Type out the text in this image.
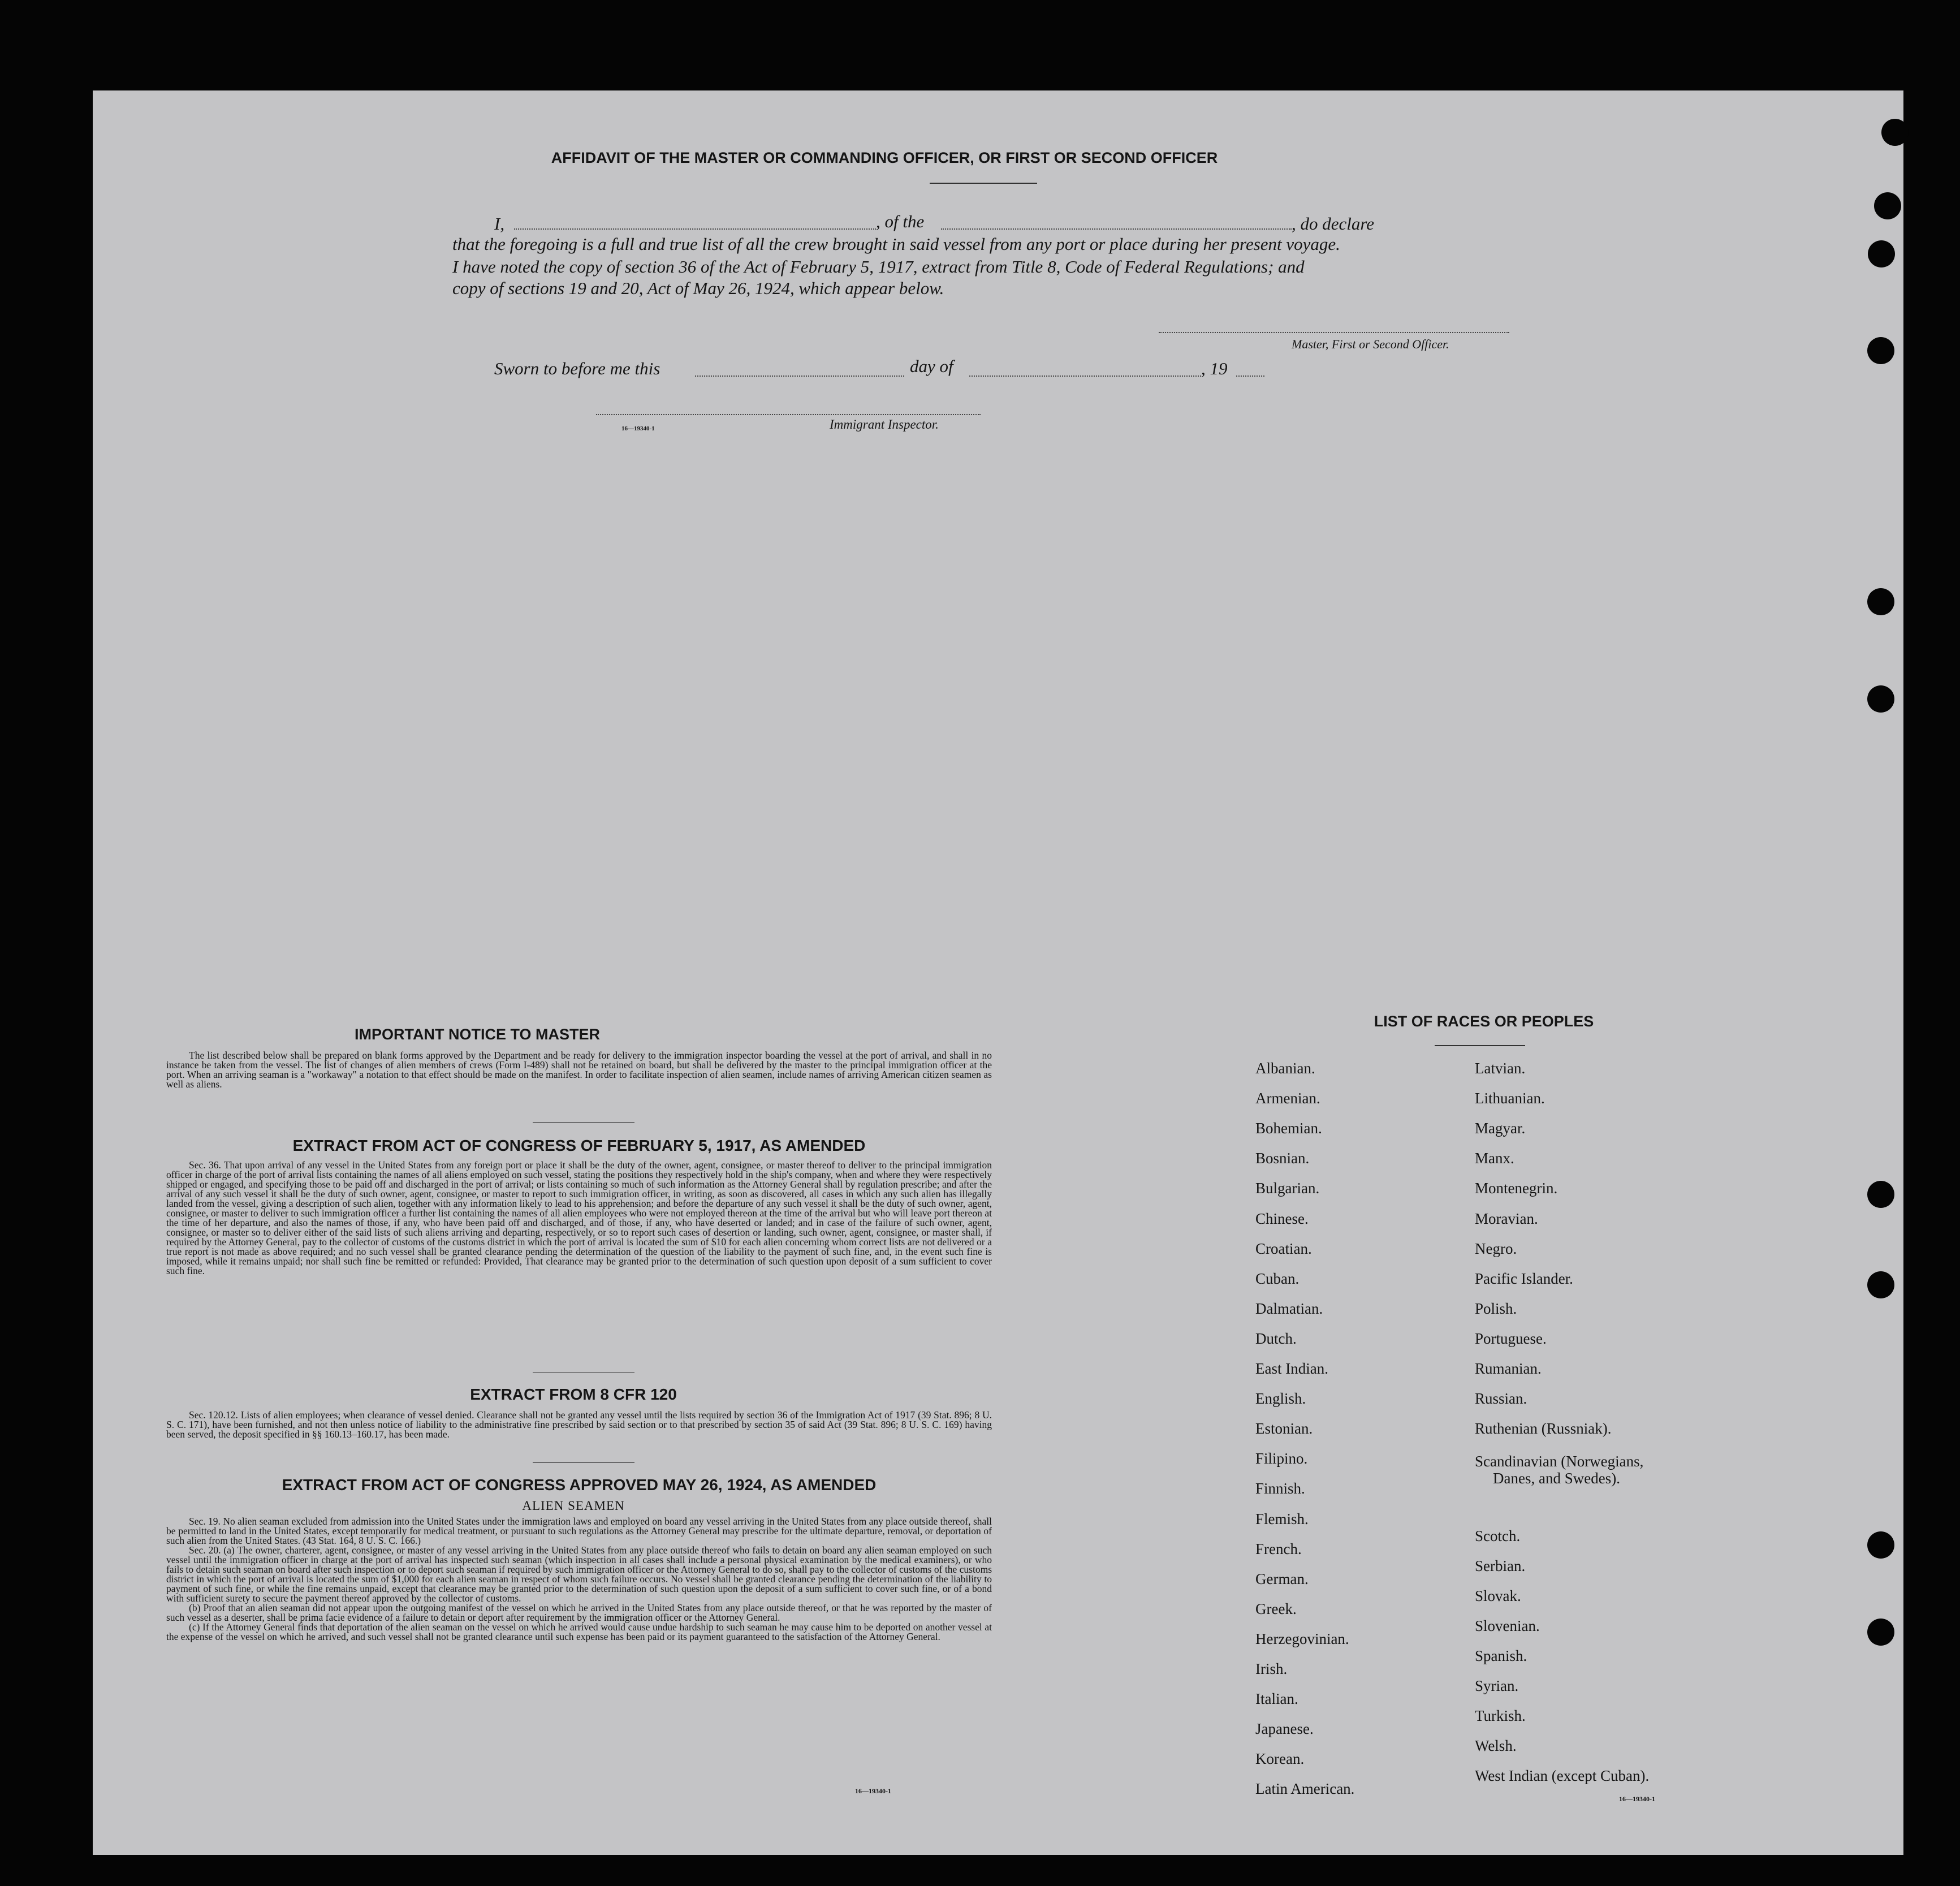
AFFIDAVIT OF THE MASTER OR COMMANDING OFFICER, OR FIRST OR SECOND OFFICER
I,	, of the	, do declare
that the foregoing is a full and true list of all the crew brought in said vessel from any port or place during her present voyage.
I have noted the copy of section 36 of the Act of February 5, 1917, extract from Title 8, Code of Federal Regulations; and
copy of sections 19 and 20, Act of May 26, 1924, which appear below.
Master, First or Second Officer.
Sworn to before me this	day of	, 19
16—19340-1	Immigrant Inspector.
IMPORTANT NOTICE TO MASTER

The list described below shall be prepared on blank forms approved by the Department and be ready for delivery to the immigration inspector boarding the vessel at the port of arrival, and shall in no instance be taken from the vessel. The list of changes of alien members of crews (Form I-489) shall not be retained on board, but shall be delivered by the master to the principal immigration officer at the port. When an arriving seaman is a "workaway" a notation to that effect should be made on the manifest. In order to facilitate inspection of alien seamen, include names of arriving American citizen seamen as well as aliens.

EXTRACT FROM ACT OF CONGRESS OF FEBRUARY 5, 1917, AS AMENDED

Sec. 36. That upon arrival of any vessel in the United States from any foreign port or place it shall be the duty of the owner, agent, consignee, or master thereof to deliver to the principal immigration officer in charge of the port of arrival lists containing the names of all aliens employed on such vessel, stating the positions they respectively hold in the ship's company, when and where they were respectively shipped or engaged, and specifying those to be paid off and discharged in the port of arrival; or lists containing so much of such information as the Attorney General shall by regulation prescribe; and after the arrival of any such vessel it shall be the duty of such owner, agent, consignee, or master to report to such immigration officer, in writing, as soon as discovered, all cases in which any such alien has illegally landed from the vessel, giving a description of such alien, together with any information likely to lead to his apprehension; and before the departure of any such vessel it shall be the duty of such owner, agent, consignee, or master to deliver to such immigration officer a further list containing the names of all alien employees who were not employed thereon at the time of the arrival but who will leave port thereon at the time of her departure, and also the names of those, if any, who have been paid off and discharged, and of those, if any, who have deserted or landed; and in case of the failure of such owner, agent, consignee, or master so to deliver either of the said lists of such aliens arriving and departing, respectively, or so to report such cases of desertion or landing, such owner, agent, consignee, or master shall, if required by the Attorney General, pay to the collector of customs of the customs district in which the port of arrival is located the sum of $10 for each alien concerning whom correct lists are not delivered or a true report is not made as above required; and no such vessel shall be granted clearance pending the determination of the question of the liability to the payment of such fine, and, in the event such fine is imposed, while it remains unpaid; nor shall such fine be remitted or refunded: Provided, That clearance may be granted prior to the determination of such question upon deposit of a sum sufficient to cover such fine.

EXTRACT FROM 8 CFR 120

Sec. 120.12. Lists of alien employees; when clearance of vessel denied. Clearance shall not be granted any vessel until the lists required by section 36 of the Immigration Act of 1917 (39 Stat. 896; 8 U. S. C. 171), have been furnished, and not then unless notice of liability to the administrative fine prescribed by said section or to that prescribed by section 35 of said Act (39 Stat. 896; 8 U. S. C. 169) having been served, the deposit specified in §§ 160.13–160.17, has been made.

EXTRACT FROM ACT OF CONGRESS APPROVED MAY 26, 1924, AS AMENDED
ALIEN SEAMEN

Sec. 19. No alien seaman excluded from admission into the United States under the immigration laws and employed on board any vessel arriving in the United States from any place outside thereof, shall be permitted to land in the United States, except temporarily for medical treatment, or pursuant to such regulations as the Attorney General may prescribe for the ultimate departure, removal, or deportation of such alien from the United States. (43 Stat. 164, 8 U. S. C. 166.)

Sec. 20. (a) The owner, charterer, agent, consignee, or master of any vessel arriving in the United States from any place outside thereof who fails to detain on board any alien seaman employed on such vessel until the immigration officer in charge at the port of arrival has inspected such seaman (which inspection in all cases shall include a personal physical examination by the medical examiners), or who fails to detain such seaman on board after such inspection or to deport such seaman if required by such immigration officer or the Attorney General to do so, shall pay to the collector of customs of the customs district in which the port of arrival is located the sum of $1,000 for each alien seaman in respect of whom such failure occurs. No vessel shall be granted clearance pending the determination of the liability to payment of such fine, or while the fine remains unpaid, except that clearance may be granted prior to the determination of such question upon the deposit of a sum sufficient to cover such fine, or of a bond with sufficient surety to secure the payment thereof approved by the collector of customs.

(b) Proof that an alien seaman did not appear upon the outgoing manifest of the vessel on which he arrived in the United States from any place outside thereof, or that he was reported by the master of such vessel as a deserter, shall be prima facie evidence of a failure to detain or deport after requirement by the immigration officer or the Attorney General.

(c) If the Attorney General finds that deportation of the alien seaman on the vessel on which he arrived would cause undue hardship to such seaman he may cause him to be deported on another vessel at the expense of the vessel on which he arrived, and such vessel shall not be granted clearance until such expense has been paid or its payment guaranteed to the satisfaction of the Attorney General.

16—19340-1
LIST OF RACES OR PEOPLES
16—19340-1
Albanian.
Armenian.
Bohemian.
Bosnian.
Bulgarian.
Chinese.
Croatian.
Cuban.
Dalmatian.
Dutch.
East Indian.
English.
Estonian.
Filipino.
Finnish.
Flemish.
French.
German.
Greek.
Herzegovinian.
Irish.
Italian.
Japanese.
Korean.
Latin American.
Latvian.
Lithuanian.
Magyar.
Manx.
Montenegrin.
Moravian.
Negro.
Pacific Islander.
Polish.
Portuguese.
Rumanian.
Russian.
Ruthenian (Russniak).
Scandinavian (Norwegians,
Danes, and Swedes).
Scotch.
Serbian.
Slovak.
Slovenian.
Spanish.
Syrian.
Turkish.
Welsh.
West Indian (except Cuban).
